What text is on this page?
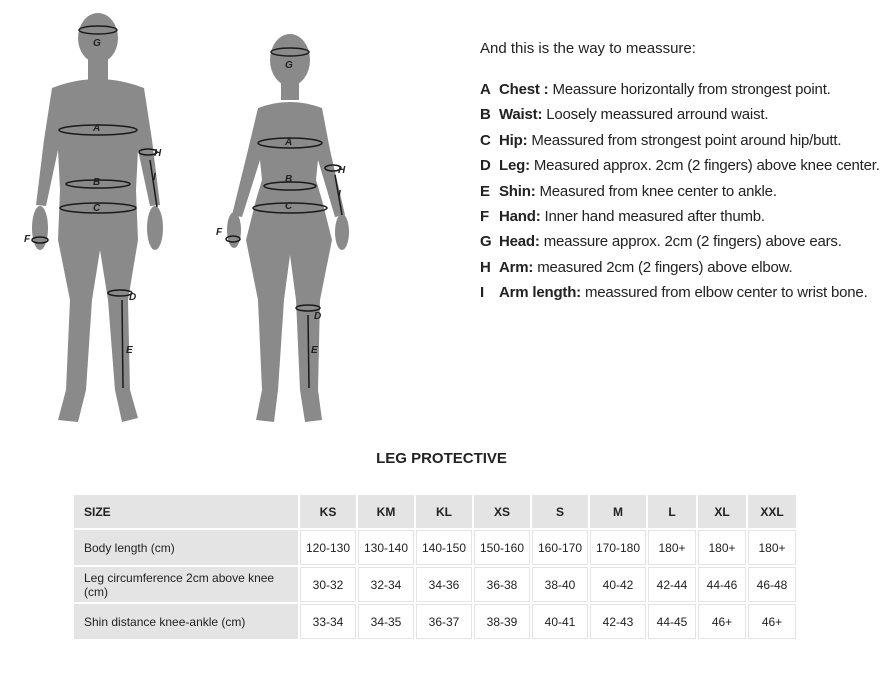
G
A
B
C
H
I
F
D
E
G
A
B
C
H
I
F
D
E

And this is the way to meassure:

A Chest : Meassure horizontally from strongest point.
B Waist: Loosely meassured arround waist.
C Hip: Meassured from strongest point around hip/butt.
D Leg: Measured approx. 2cm (2 fingers) above knee center.
E Shin: Measured from knee center to ankle.
F Hand: Inner hand measured after thumb.
G Head: meassure approx. 2cm (2 fingers) above ears.
H Arm: measured 2cm (2 fingers) above elbow.
I	Arm length: meassured from elbow center to wrist bone.
LEG PROTECTIVE
SIZE	KS	KM	KL	XS	S	M	L	XL	XXL
Body length (cm)	120-130	130-140	140-150	150-160	160-170	170-180	180+	180+	180+
Leg circumference 2cm above knee (cm)	30-32	32-34	34-36	36-38	38-40	40-42	42-44	44-46	46-48
Shin distance knee-ankle (cm)	33-34	34-35	36-37	38-39	40-41	42-43	44-45	46+	46+
